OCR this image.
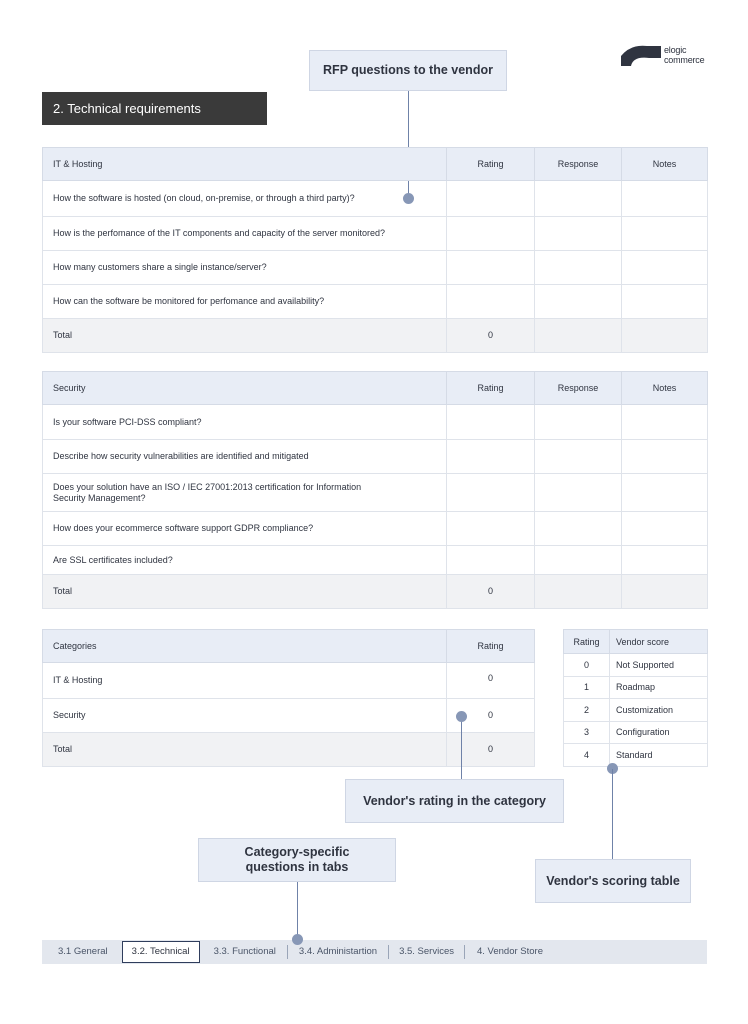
elogic
commerce
2. Technical requirements
RFP questions to the vendor
IT & Hosting	Rating	Response	Notes
How the software is hosted (on cloud, on-premise, or through a third party)?			
How is the perfomance of the IT components and capacity of the server monitored?			
How many customers share a single instance/server?			
How can the software be monitored for perfomance and availability?			
Total	0		
Security	Rating	Response	Notes
Is your software PCI-DSS compliant?			
Describe how security vulnerabilities are identified and mitigated			
Does your solution have an ISO / IEC 27001:2013 certification for Information Security Management?			
How does your ecommerce software support GDPR compliance?			
Are SSL certificates included?			
Total	0		
Categories	Rating
IT & Hosting	0
Security	0
Total	0
Vendor's rating in the category
Rating	Vendor score
0	Not Supported
1	Roadmap
2	Customization
3	Configuration
4	Standard
Vendor's scoring table
Category-specific
questions in tabs
3.1 General	3.2. Technical	3.3. Functional	3.4. Administartion	3.5. Services	4. Vendor Store
